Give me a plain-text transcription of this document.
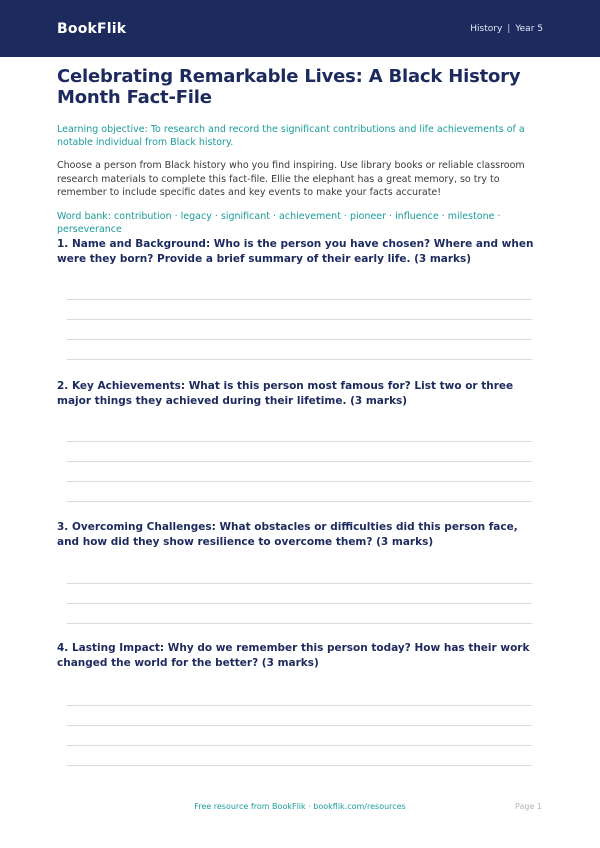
BookFlik	History | Year 5
Celebrating Remarkable Lives: A Black History Month Fact-File

Learning objective: To research and record the significant contributions and life achievements of a notable individual from Black history.

Choose a person from Black history who you find inspiring. Use library books or reliable classroom research materials to complete this fact-file. Ellie the elephant has a great memory, so try to remember to include specific dates and key events to make your facts accurate!

Word bank: contribution · legacy · significant · achievement · pioneer · influence · milestone · perseverance

1. Name and Background: Who is the person you have chosen? Where and when were they born? Provide a brief summary of their early life. (3 marks)
2. Key Achievements: What is this person most famous for? List two or three major things they achieved during their lifetime. (3 marks)
3. Overcoming Challenges: What obstacles or difficulties did this person face, and how did they show resilience to overcome them? (3 marks)
4. Lasting Impact: Why do we remember this person today? How has their work changed the world for the better? (3 marks)
Free resource from BookFlik · bookflik.com/resources	Page 1
